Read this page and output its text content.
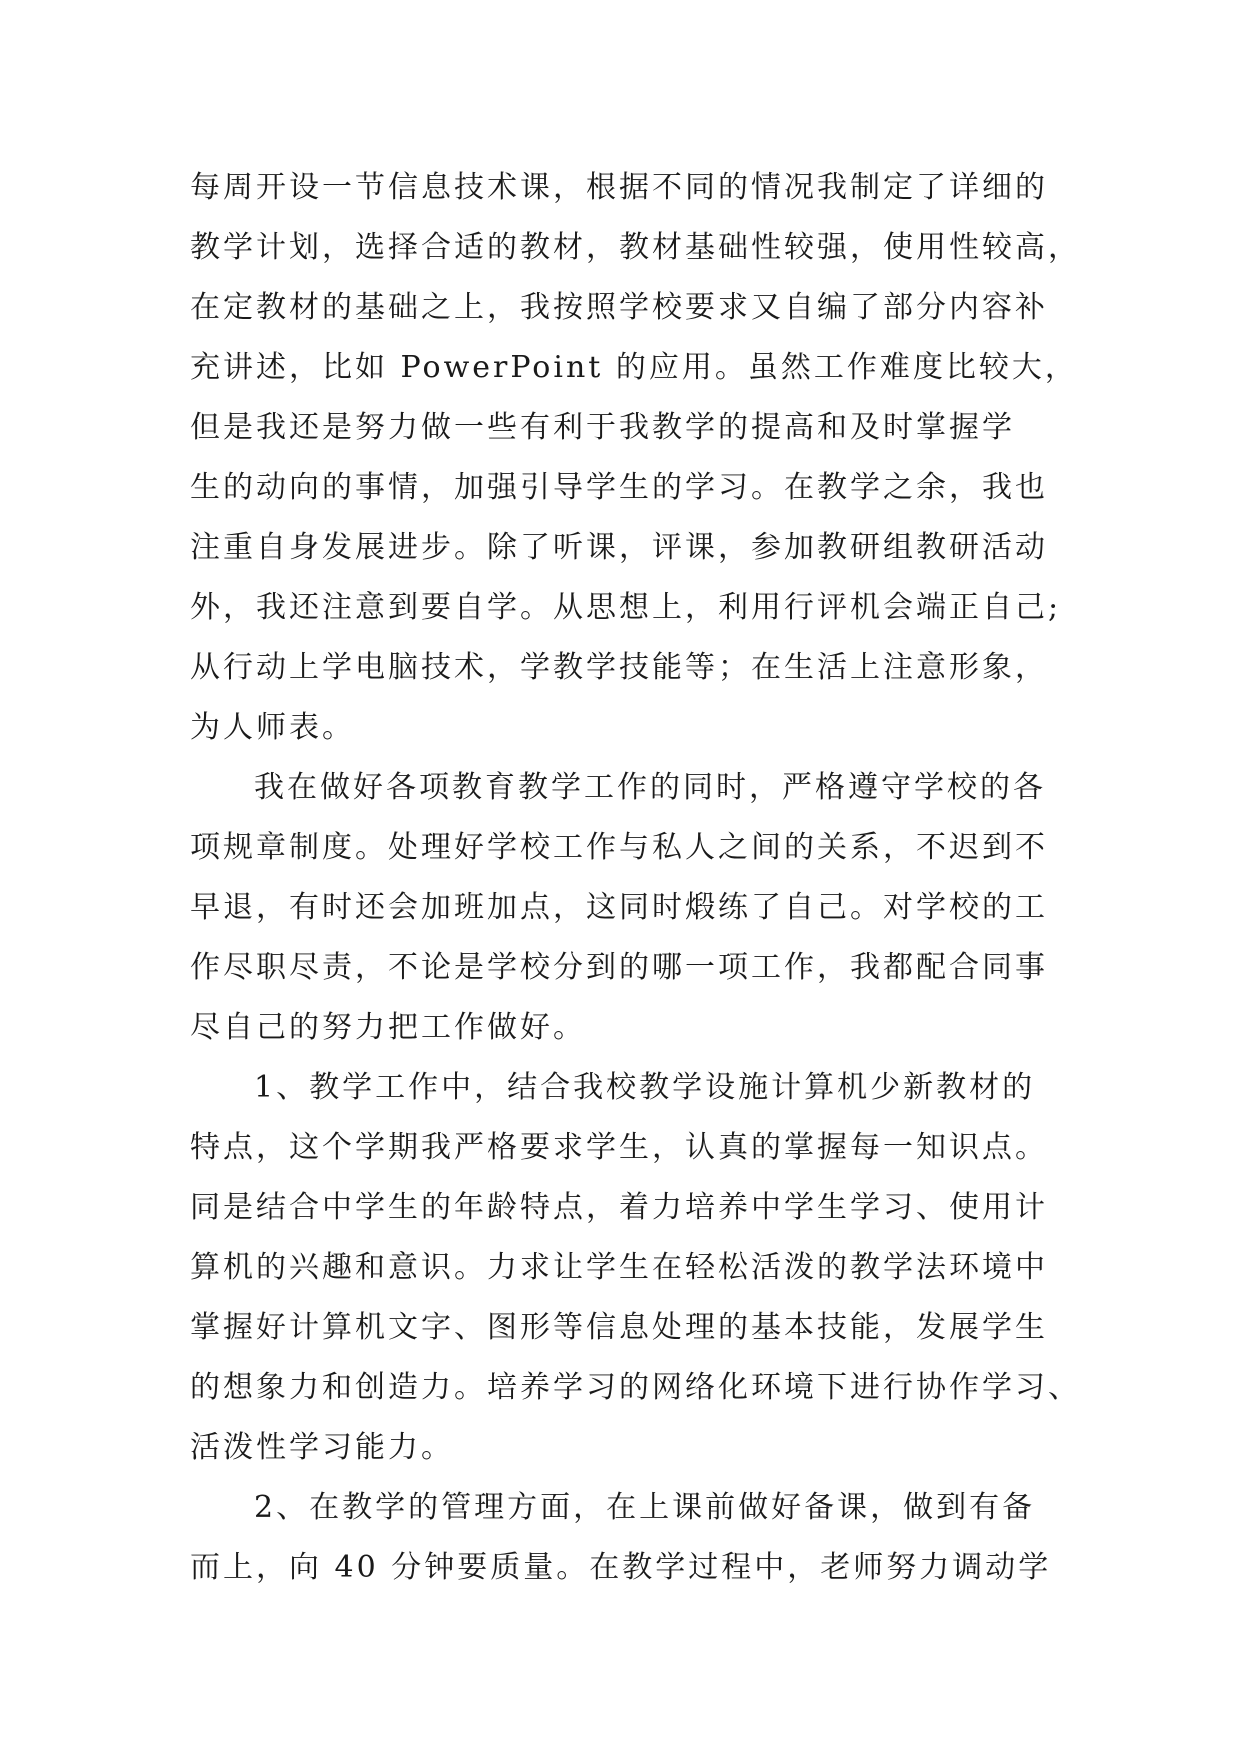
每周开设一节信息技术课，根据不同的情况我制定了详细的
教学计划，选择合适的教材，教材基础性较强，使用性较高，
在定教材的基础之上，我按照学校要求又自编了部分内容补
充讲述，比如 PowerPoint 的应用。虽然工作难度比较大，
但是我还是努力做一些有利于我教学的提高和及时掌握学
生的动向的事情，加强引导学生的学习。在教学之余，我也
注重自身发展进步。除了听课，评课，参加教研组教研活动
外，我还注意到要自学。从思想上，利用行评机会端正自己;
从行动上学电脑技术，学教学技能等；在生活上注意形象，
为人师表。
我在做好各项教育教学工作的同时，严格遵守学校的各
项规章制度。处理好学校工作与私人之间的关系，不迟到不
早退，有时还会加班加点，这同时煅练了自己。对学校的工
作尽职尽责，不论是学校分到的哪一项工作，我都配合同事
尽自己的努力把工作做好。
1、教学工作中，结合我校教学设施计算机少新教材的
特点，这个学期我严格要求学生，认真的掌握每一知识点。
同是结合中学生的年龄特点，着力培养中学生学习、使用计
算机的兴趣和意识。力求让学生在轻松活泼的教学法环境中
掌握好计算机文字、图形等信息处理的基本技能，发展学生
的想象力和创造力。培养学习的网络化环境下进行协作学习、
活泼性学习能力。
2、在教学的管理方面，在上课前做好备课，做到有备
而上，向 40 分钟要质量。在教学过程中，老师努力调动学
